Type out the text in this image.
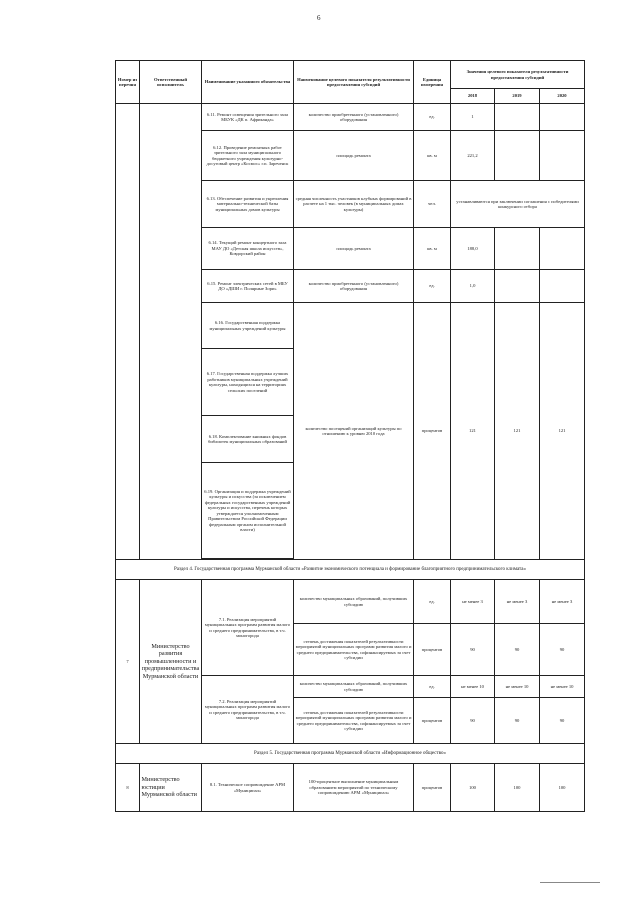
6
Номер из перечня	Ответственный исполнитель	Наименование указанного обязательства	Наименование целевого показателя результативности предоставления субсидий	Единица измерения	Значения целевого показателя результативности предоставления субсидий		
					2018	2019	2020
		6.11. Ремонт освещения зрительного зала МБУК «ДК п. Африканда»	количество приобретенного (установленного) оборудования	ед.	1		
		6.12. Проведение ремонтных работ зрительного зала муниципального бюджетного учреждения культурно-досуговый центр «Космос» г.п. Зареченск	площадь ремонта	кв. м	221,2		
		6.13. Обеспечение развития и укрепления материально-технической базы муниципальных домов культуры	средняя численность участников клубных формирований в расчете на 1 тыс. человек (в муниципальных домах культуры)	чел.	устанавливаются при заключении соглашения с победителями конкурсного отбора		
		6.14. Текущий ремонт концертного зала МАУ ДО «Детская школа искусств», Ковдорский район	площадь ремонта	кв. м	188,0		
		6.15. Ремонт электрических сетей в МБУ ДО «ДШИ г. Полярные Зори»	количество приобретенного (установленного) оборудования	ед.	1,0		
		6.16. Государственная поддержка муниципальных учреждений культуры	количество посещений организаций культуры по отношению к уровню 2010 года	процентов	121	121	121
		6.17. Государственная поддержка лучших работников муниципальных учреждений культуры, находящихся на территориях сельских поселений					
		6.18. Комплектование книжных фондов библиотек муниципальных образований					
		6.19. Организация и поддержка учреждений культуры и искусства (за исключением федеральных государственных учреждений культуры и искусства, перечень которых утверждается уполномоченным Правительством Российской Федерации федеральным органом исполнительной власти)					

Раздел 4. Государственная программа Мурманской области «Развитие экономического потенциала и формирование благоприятного предпринимательского климата»							
7	Министерство развития промышленности и предпринимательства Мурманской области	7.1. Реализация мероприятий муниципальных программ развития малого и среднего предпринимательства, в т.ч. моногорода	количество муниципальных образований, получивших субсидию	ед.	не менее 3	не менее 3	не менее 3
			степень достижения показателей результативности мероприятий муниципальных программ развития малого и среднего предпринимательства, софинансируемых за счет субсидии	процентов	90	90	90
		7.2. Реализация мероприятий муниципальных программ развития малого и среднего предпринимательства, в т.ч. моногорода	количество муниципальных образований, получивших субсидию	ед.	не менее 10	не менее 10	не менее 10
			степень достижения показателей результативности мероприятий муниципальных программ развития малого и среднего предпринимательства, софинансируемых за счет субсидии	процентов	90	90	90
Раздел 5. Государственная программа Мурманской области «Информационное общество»							
8	Министерство юстиции Мурманской области	8.1. Техническое сопровождение АРМ «Муниципал»	100-процентное выполнение муниципальным образованием мероприятий по техническому сопровождению АРМ «Муниципал»	процентов	100	100	100
